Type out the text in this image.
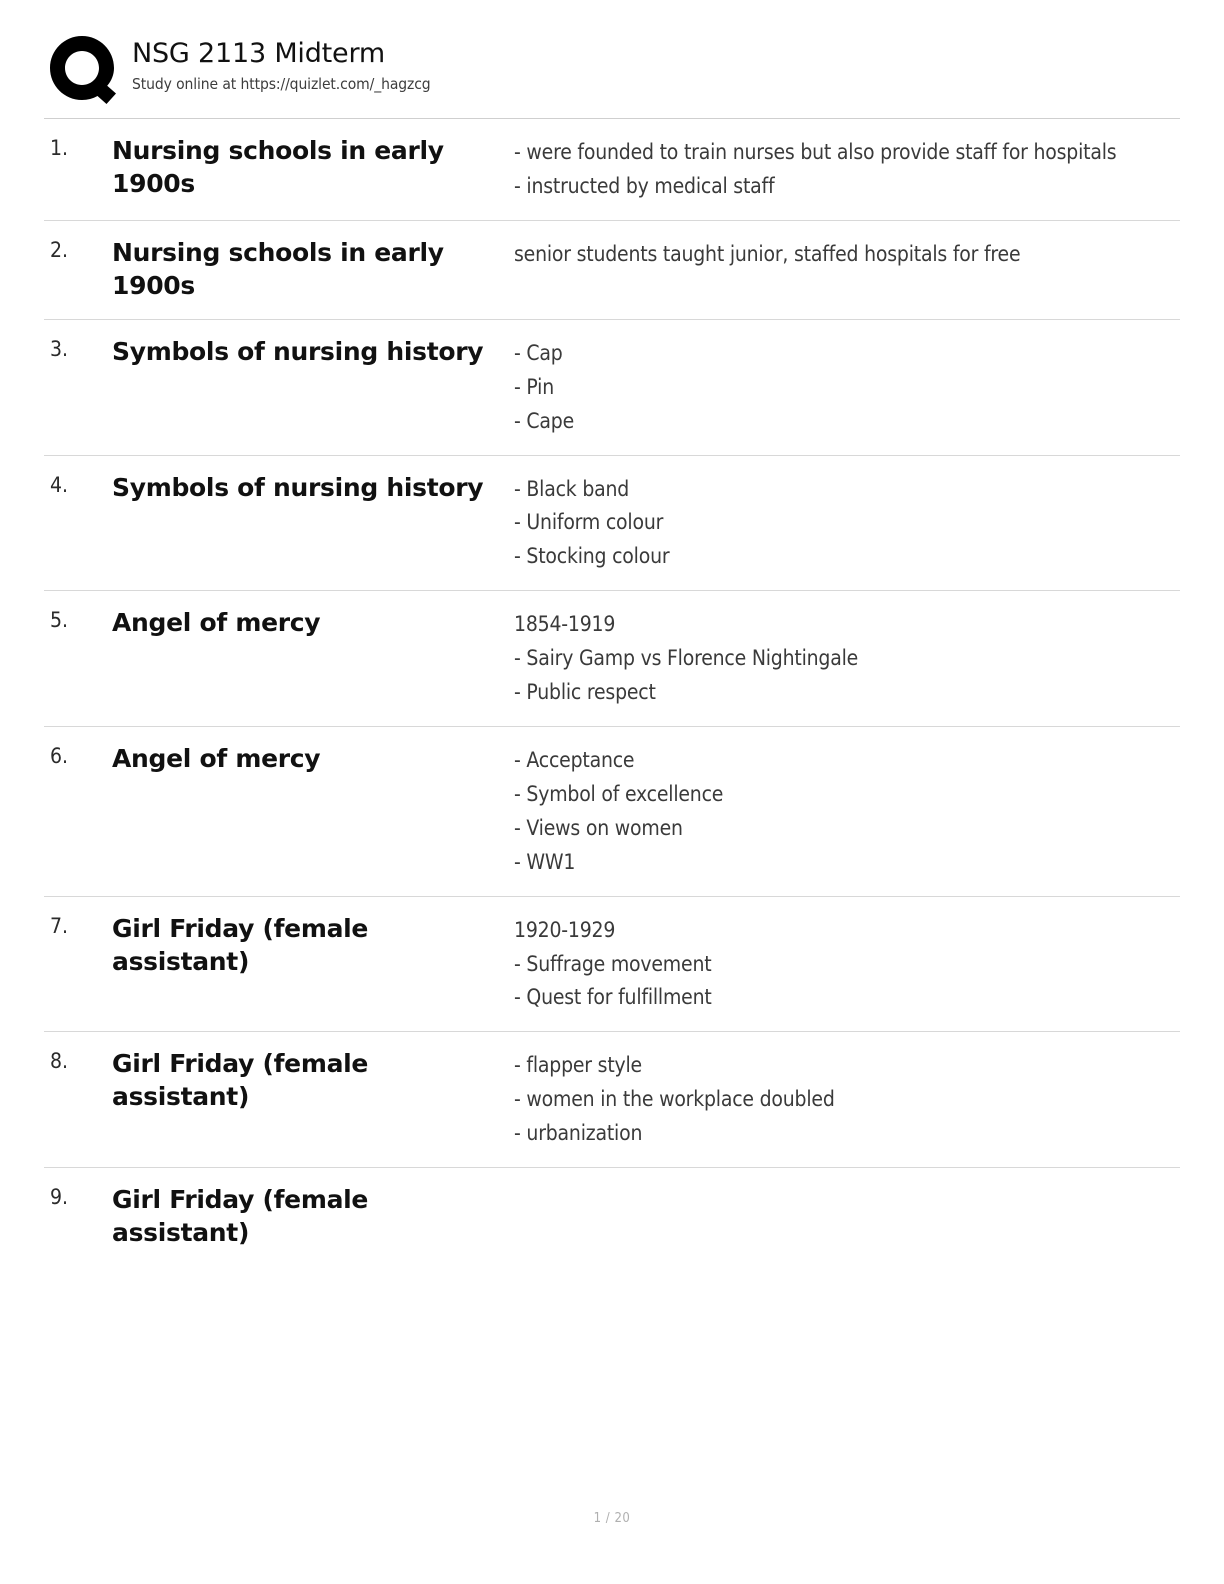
NSG 2113 Midterm
Study online at https://quizlet.com/_hagzcg
1.	Nursing schools in early 1900s	- were founded to train nurses but also provide staff for hospitals
- instructed by medical staff

2.	Nursing schools in early 1900s	senior students taught junior, staffed hospitals for free

3.	Symbols of nursing history	- Cap
- Pin
- Cape

4.	Symbols of nursing history	- Black band
- Uniform colour
- Stocking colour

5.	Angel of mercy	1854-1919
- Sairy Gamp vs Florence Nightingale
- Public respect

6.	Angel of mercy	- Acceptance
- Symbol of excellence
- Views on women
- WW1

7.	Girl Friday (female assistant)	1920-1929
- Suffrage movement
- Quest for fulfillment

8.	Girl Friday (female assistant)	- flapper style
- women in the workplace doubled
- urbanization

9.	Girl Friday (female assistant)	
1 / 20
